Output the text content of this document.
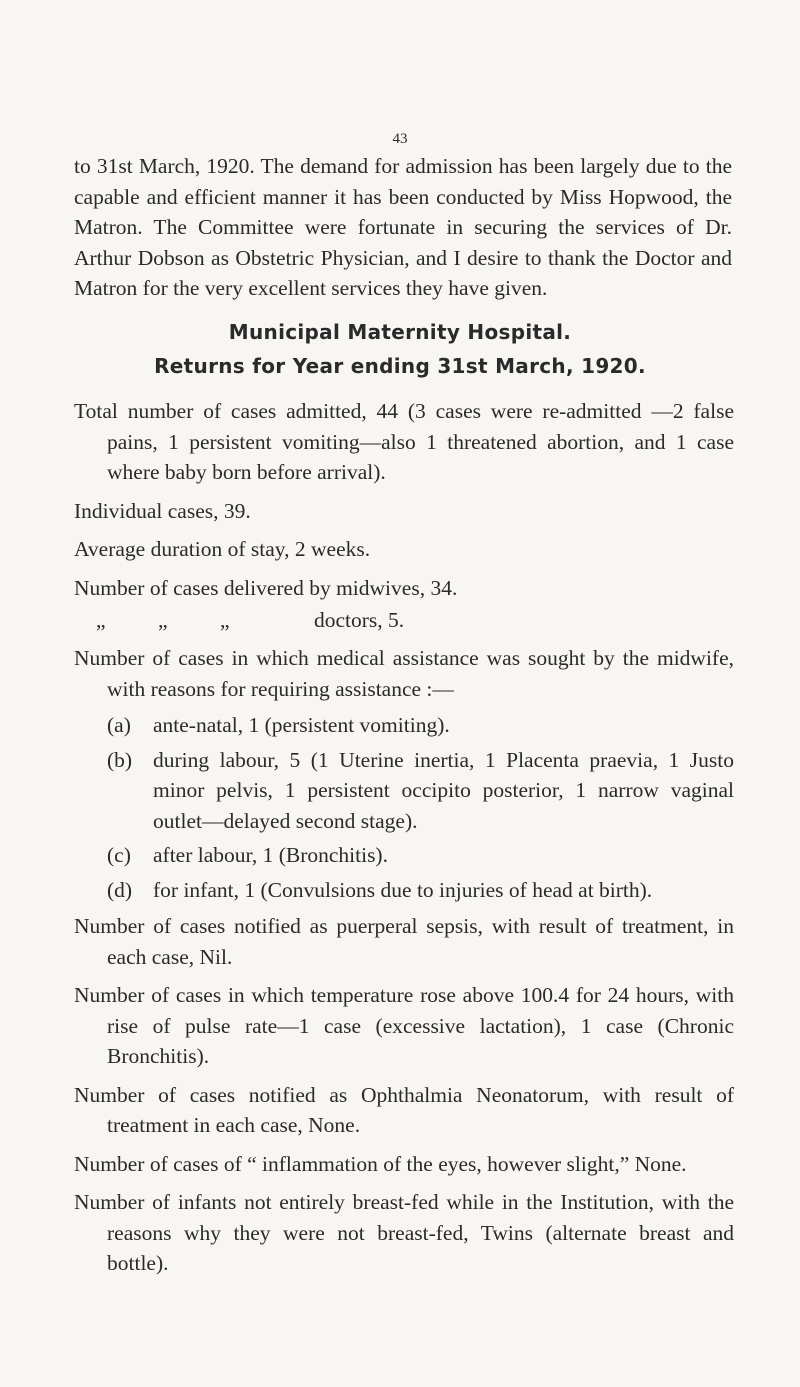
43
to 31st March, 1920. The demand for admission has been largely due to the capable and efficient manner it has been conducted by Miss Hopwood, the Matron. The Committee were fortunate in securing the services of Dr. Arthur Dobson as Obstetric Physician, and I desire to thank the Doctor and Matron for the very excellent services they have given.
Municipal Maternity Hospital.
Returns for Year ending 31st March, 1920.

Total number of cases admitted, 44 (3 cases were re-admitted —2 false pains, 1 persistent vomiting—also 1 threatened abortion, and 1 case where baby born before arrival).

Individual cases, 39.

Average duration of stay, 2 weeks.

Number of cases delivered by midwives, 34.

„ „ „	doctors, 5.

Number of cases in which medical assistance was sought by the midwife, with reasons for requiring assistance :—

(a) ante-natal, 1 (persistent vomiting).
(b) during labour, 5 (1 Uterine inertia, 1 Placenta praevia, 1 Justo minor pelvis, 1 persistent occipito posterior, 1 narrow vaginal outlet—delayed second stage).
(c) after labour, 1 (Bronchitis).
(d) for infant, 1 (Convulsions due to injuries of head at birth).

Number of cases notified as puerperal sepsis, with result of treatment, in each case, Nil.

Number of cases in which temperature rose above 100.4 for 24 hours, with rise of pulse rate—1 case (excessive lactation), 1 case (Chronic Bronchitis).

Number of cases notified as Ophthalmia Neonatorum, with result of treatment in each case, None.

Number of cases of “ inflammation of the eyes, however slight,” None.

Number of infants not entirely breast-fed while in the Institution, with the reasons why they were not breast-fed, Twins (alternate breast and bottle).
